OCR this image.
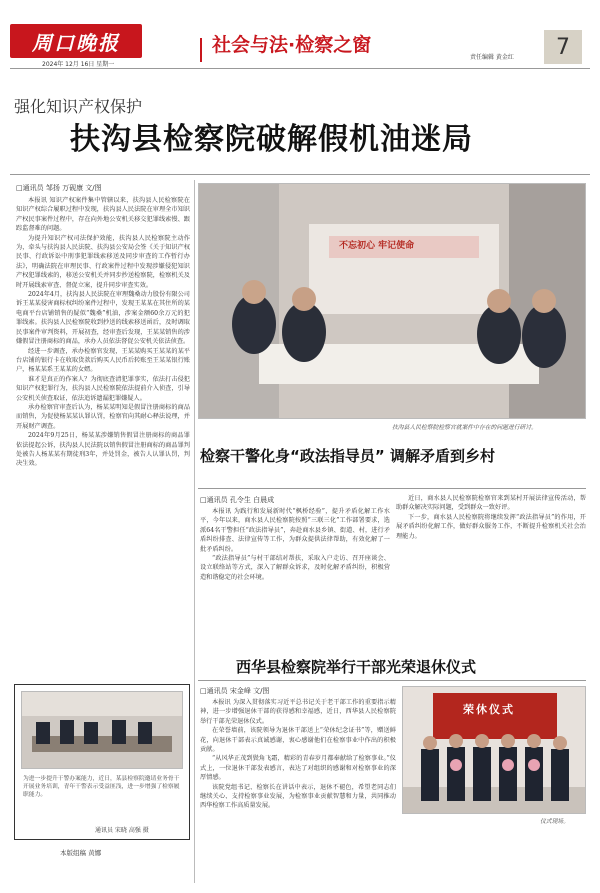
周口晚报
2024年 12月 16日 星期一
社会与法·检察之窗
责任编辑 黄金红	7
强化知识产权保护
扶沟县检察院破解假机油迷局
□通讯员 邹扬 万砚康 文/图

本报讯 知识产权案件集中管辖以来，扶沟县人民检察院在知识产权综合履职过程中发现，扶沟县人民法院在审理全市知识产权民事案件过程中，存在向外地公安机关移交犯罪线索慢、跟踪监督难的问题。

为提升知识产权司法保护效能，扶沟县人民检察院主动作为，牵头与扶沟县人民法院、扶沟县公安局会签《关于知识产权民事、行政诉讼中刑事犯罪线索移送及同步审查的工作暂行办法》，明确法院在审理民事、行政案件过程中发现涉嫌侵犯知识产权犯罪线索的，移送公安机关并同步抄送检察院，检察机关及时开展线索审查、督促立案，提升同步审查实效。

2024年4月，扶沟县人民法院在审理魏桑动力股份有限公司诉王某某侵害商标权纠纷案件过程中，发现王某某在其住所的某电商平台店铺销售的疑似“魏桑”机油，涉案金额60余万元的犯罪线索。扶沟县人民检察院收到抄送的线索移送函后，及时调取民事案件审判资料，开展初查，经审查后发现，王某某销售的涉嫌假冒注册商标的商品，承办人员依法督促公安机关依法侦查。

经进一步调查，承办检察官发现，王某某购买王某某的某平台店铺的银行卡在收取货款后购买人民币后转账至王某某银行账户，杨某某系王某某的女婿。

谁才是真正的作案人？为彻底查清犯罪事实，依法打击侵犯知识产权犯罪行为，扶沟县人民检察院依法提前介入侦查，引导公安机关侦查取证，依法追诉遗漏犯罪嫌疑人。

承办检察官审查后认为，杨某某明知是假冒注册商标的商品而销售，为促使杨某某认罪认罚，检察官向其耐心释法说理，并开展财产调查。

2024年9月25日，杨某某涉嫌销售假冒注册商标的商品罪依法提起公诉，扶沟县人民法院以销售假冒注册商标的商品罪判处被告人杨某某有期徒刑3年，并处罚金，被告人认罪认罚，判决生效。

不忘初心 牢记使命
扶沟县人民检察院检察官就案件中存在的问题进行研讨。
检察干警化身“政法指导员” 调解矛盾到乡村
□通讯员 孔令生 白晨成

本报讯 为践行和发展新时代“枫桥经验”，提升矛盾化解工作水平，今年以来，商水县人民检察院按照“三联三化”工作部署要求，选派64名干警担任“政法指导员”，奔赴商水县乡镇、街道、村，进行矛盾纠纷排查、法律宣传等工作，为群众提供法律帮助，有效化解了一批矛盾纠纷。

“政法指导员”与村干部结对帮扶，采取入户走访、召开座谈会、设立联络站等方式，深入了解群众诉求，及时化解矛盾纠纷，积极营造和谐稳定的社会环境。

近日，商水县人民检察院检察官来到某村开展法律宣传活动，帮助群众解决实际问题，受到群众一致好评。

下一步，商水县人民检察院将继续发挥“政法指导员”的作用，开展矛盾纠纷化解工作，做好群众服务工作，不断提升检察机关社会治理能力。

西华县检察院举行干部光荣退休仪式
□通讯员 宋金峰 文/图

本报讯 为深入贯彻落实习近平总书记关于老干部工作的重要指示精神，进一步增强退休干部的获得感和幸福感，近日，西华县人民检察院举行干部光荣退休仪式。

在荣誉墙前，该院领导为退休干部送上“荣休纪念证书”等，赠送鲜花，向退休干部表示真诚感谢，衷心感谢他们在检察事业中作出的积极贡献。

“从风华正茂到鬓角飞霜，精彩的青春岁月都奉献给了检察事业。”仪式上，一位退休干部发表感言，表达了对组织的感谢和对检察事业的深厚情感。

该院党组书记、检察长在讲话中表示，退休不褪色，希望老同志们继续关心、支持检察事业发展，为检察事业贡献智慧和力量，共同推动西华检察工作高质量发展。

荣休仪式
仪式现场。
为进一步提升干警办案能力，近日，某县检察院邀请业务骨干开展业务培训，青年干警表示受益匪浅，进一步增强了检察履职能力。
通讯员 宋晓 高强 摄
本版组稿 黄娜
